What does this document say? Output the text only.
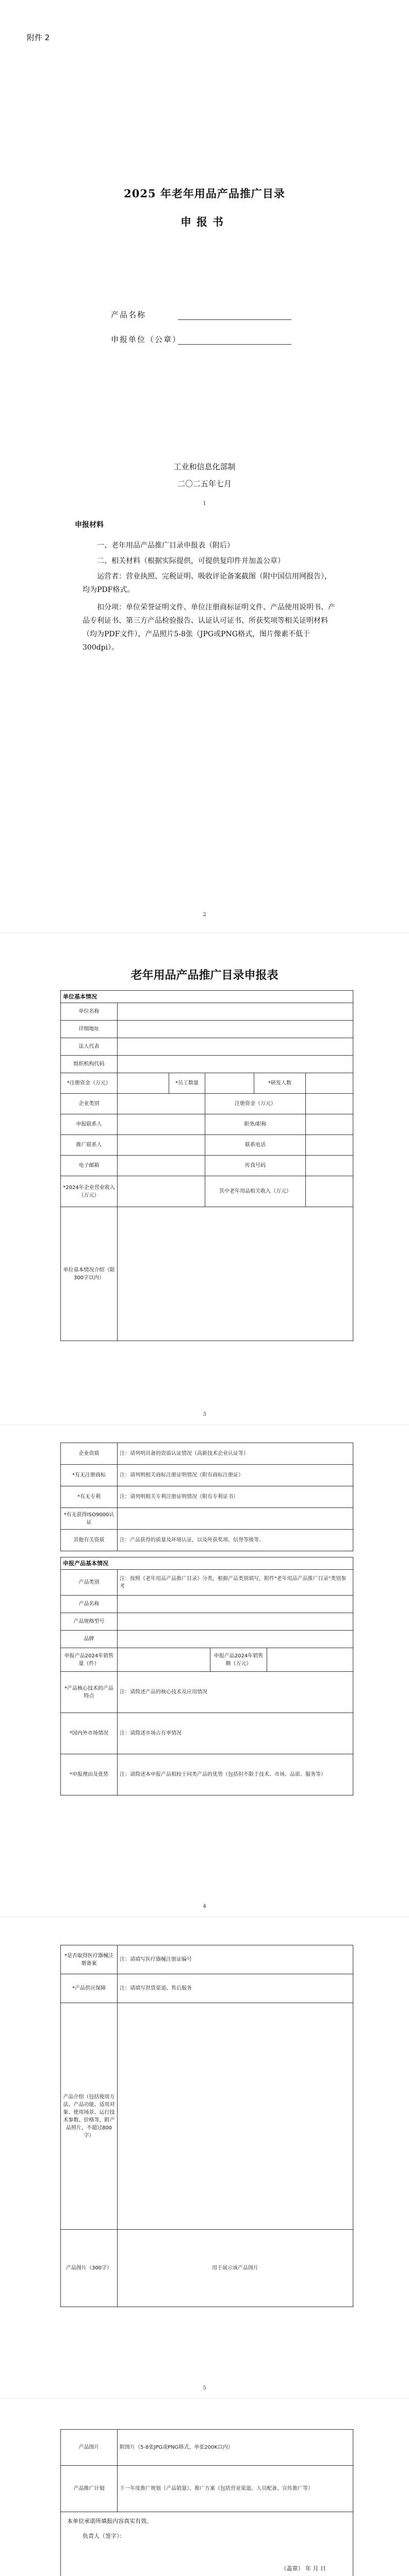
附件 2
2025 年老年用品产品推广目录
申报书
产品名称
申报单位（公章）
工业和信息化部制
二〇二五年七月
1
申报材料
一、老年用品产品推广目录申报表（附后）
二、相关材料（根据实际提供，可提供复印件并加盖公章）
运营者：营业执照、完税证明、吸收评论备案截图（附中国信用网报告），均为PDF格式。
扣分项：单位荣誉证明文件、单位注册商标证明文件、产品使用说明书、产品专利证书、第三方产品检验报告、认证认可证书、所获奖项等相关证明材料（均为PDF文件），产品照片5-8张（JPG或PNG格式，图片像素不低于300dpi）。
2
老年用品产品推广目录申报表
单位基本情况					
单位名称					
详细地址					
法人代表					
组织机构代码					
*注册资金（万元）		*员工数量		*研发人数	
企业类别			注册资金（万元）		
申报联系人			职务/职称		
推广联系人			联系电话		
电子邮箱			传真号码		
*2024年企业营业收入（万元）			其中老年用品相关收入（万元）		
单位基本情况介绍（限300字以内）					
3
企业资质	注：请列明具备的资质认证情况（高新技术企业认证等）
*有无注册商标	注：请列明相关商标注册证明情况（附有商标注册证）
*有无专利	注：请列明相关专利注册证明情况（附有专利证书）
*有无获得ISO9000认证	
其他有关资质	注：产品获得的质量及环境认证，以及所获奖项、信誉等级等。
申报产品基本情况			
产品类别	注：按照《老年用品产品推广目录》分类，根据产品类别填写，附件"老年用品产品推广目录"类别参考		
产品名称			
产品规格型号			
品牌			
申报产品2024年销售量（件）		申报产品2024年销售额（万元）	
*产品核心技术的产品特点	注：请简述产品的核心技术及应用情况		
*国内外市场情况	注：请简述市场占有率情况		
*申报理由及优势	注：请简述本申报产品相较于同类产品的优势（包括但不限于技术、市场、品质、服务等）		
4
*是否取得医疗器械注册备案	注：请填写医疗器械注册证编号
*产品供应保障	注：请填写供货渠道、售后服务
产品介绍（包括使用方法、产品功能、适用对象、使用场景、运行技术参数、价格等，附产品照片，不超过800字）	
产品图片（300字）	用于展示该产品图片
5
产品图片	附图片（5-8张JPG或PNG格式，单张200K以内）
产品推广计划	下一年度推广规划（产品销量）、推广方案（包括营业渠道、人员配备、宣传推广等）

本单位承诺所填报内容真实有效。
负责人（签字）：
（盖章） 年 月 日	
